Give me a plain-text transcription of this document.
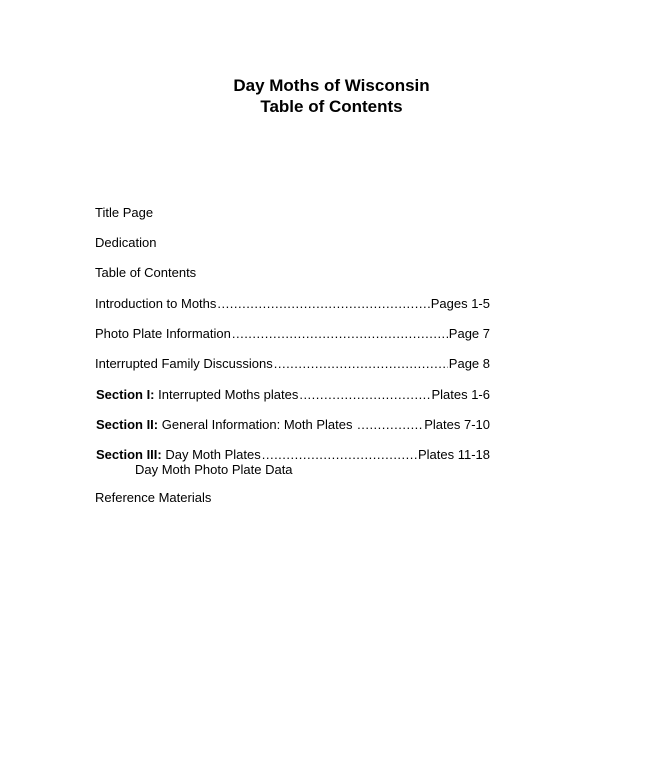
Day Moths of Wisconsin
Table of Contents
Title Page
Dedication
Table of Contents
Introduction to Moths .....	Pages 1-5
Photo Plate Information .....	Page 7
Interrupted Family Discussions .....	Page 8
Section I: Interrupted Moths plates .....	Plates 1-6
Section II: General Information: Moth Plates .....	Plates 7-10
Section III: Day Moth Plates .....	Plates 11-18
Day Moth Photo Plate Data
Reference Materials
